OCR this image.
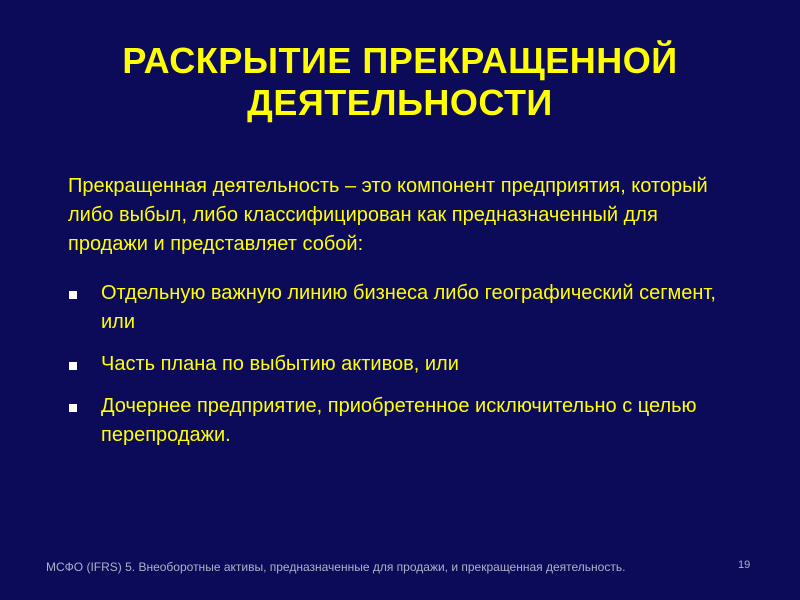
РАСКРЫТИЕ ПРЕКРАЩЕННОЙ ДЕЯТЕЛЬНОСТИ

Прекращенная деятельность – это компонент предприятия, который либо выбыл, либо классифицирован как предназначенный для продажи и представляет собой:

Отдельную важную линию бизнеса либо географический сегмент, или
Часть плана по выбытию активов, или
Дочернее предприятие, приобретенное исключительно с целью перепродажи.
МСФО (IFRS) 5. Внеоборотные активы, предназначенные для продажи, и прекращенная деятельность.	19
